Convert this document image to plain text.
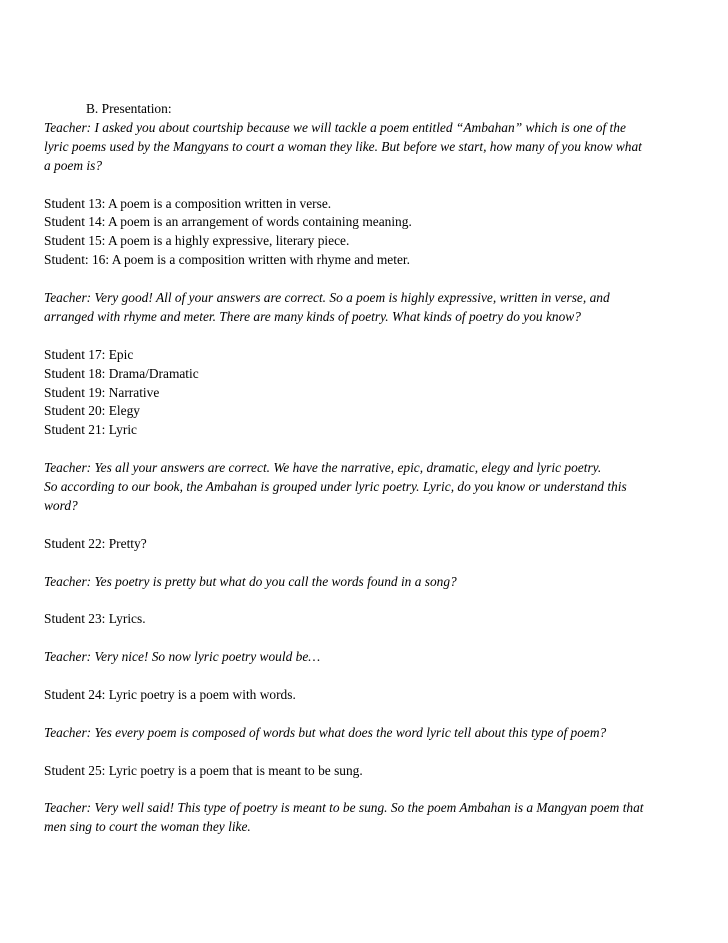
B. Presentation:

Teacher: I asked you about courtship because we will tackle a poem entitled “Ambahan” which is one of the
lyric poems used by the Mangyans to court a woman they like. But before we start, how many of you know what
a poem is?
Student 13: A poem is a composition written in verse.
Student 14: A poem is an arrangement of words containing meaning.
Student 15: A poem is a highly expressive, literary piece.
Student: 16: A poem is a composition written with rhyme and meter.
Teacher: Very good! All of your answers are correct. So a poem is highly expressive, written in verse, and
arranged with rhyme and meter. There are many kinds of poetry. What kinds of poetry do you know?
Student 17: Epic
Student 18: Drama/Dramatic
Student 19: Narrative
Student 20: Elegy
Student 21: Lyric
Teacher: Yes all your answers are correct. We have the narrative, epic, dramatic, elegy and lyric poetry.
So according to our book, the Ambahan is grouped under lyric poetry. Lyric, do you know or understand this
word?
Student 22: Pretty?
Teacher: Yes poetry is pretty but what do you call the words found in a song?
Student 23: Lyrics.
Teacher: Very nice! So now lyric poetry would be…
Student 24: Lyric poetry is a poem with words.
Teacher: Yes every poem is composed of words but what does the word lyric tell about this type of poem?
Student 25: Lyric poetry is a poem that is meant to be sung.
Teacher: Very well said! This type of poetry is meant to be sung. So the poem Ambahan is a Mangyan poem that
men sing to court the woman they like.
